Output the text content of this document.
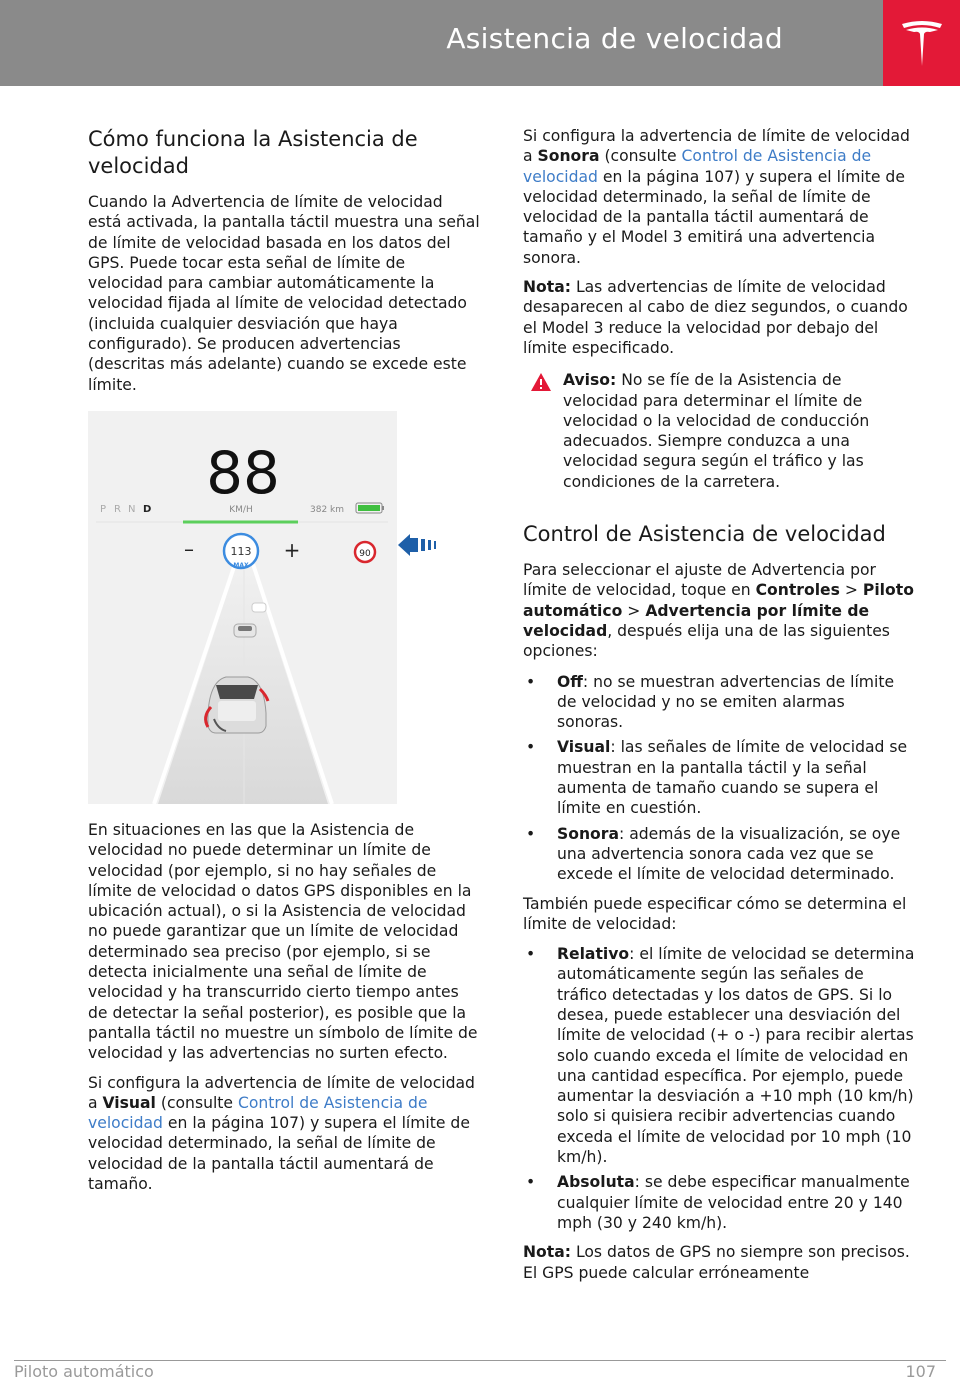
Asistencia de velocidad
Cómo funciona la Asistencia de velocidad

Cuando la Advertencia de límite de velocidad está activada, la pantalla táctil muestra una señal de límite de velocidad basada en los datos del GPS. Puede tocar esta señal de límite de velocidad para cambiar automáticamente la velocidad fijada al límite de velocidad detectado (incluida cualquier desviación que haya configurado). Se producen advertencias (descritas más adelante) cuando se excede este límite.

88
P R N D	KM/H	382 km
–	113
MAX
+	90

En situaciones en las que la Asistencia de velocidad no puede determinar un límite de velocidad (por ejemplo, si no hay señales de límite de velocidad o datos GPS disponibles en la ubicación actual), o si la Asistencia de velocidad no puede garantizar que un límite de velocidad determinado sea preciso (por ejemplo, si se detecta inicialmente una señal de límite de velocidad y ha transcurrido cierto tiempo antes de detectar la señal posterior), es posible que la pantalla táctil no muestre un símbolo de límite de velocidad y las advertencias no surten efecto.

Si configura la advertencia de límite de velocidad a Visual (consulte Control de Asistencia de velocidad en la página 107) y supera el límite de velocidad determinado, la señal de límite de velocidad de la pantalla táctil aumentará de tamaño.

Si configura la advertencia de límite de velocidad a Sonora (consulte Control de Asistencia de velocidad en la página 107) y supera el límite de velocidad determinado, la señal de límite de velocidad de la pantalla táctil aumentará de tamaño y el Model 3 emitirá una advertencia sonora.

Nota: Las advertencias de límite de velocidad desaparecen al cabo de diez segundos, o cuando el Model 3 reduce la velocidad por debajo del límite especificado.

Aviso: No se fíe de la Asistencia de velocidad para determinar el límite de velocidad o la velocidad de conducción adecuados. Siempre conduzca a una velocidad segura según el tráfico y las condiciones de la carretera.

Control de Asistencia de velocidad

Para seleccionar el ajuste de Advertencia por límite de velocidad, toque en Controles > Piloto automático > Advertencia por límite de velocidad, después elija una de las siguientes opciones:

• Off: no se muestran advertencias de límite de velocidad y no se emiten alarmas sonoras.
• Visual: las señales de límite de velocidad se muestran en la pantalla táctil y la señal aumenta de tamaño cuando se supera el límite en cuestión.
• Sonora: además de la visualización, se oye una advertencia sonora cada vez que se excede el límite de velocidad determinado.

También puede especificar cómo se determina el límite de velocidad:

• Relativo: el límite de velocidad se determina automáticamente según las señales de tráfico detectadas y los datos de GPS. Si lo desea, puede establecer una desviación del límite de velocidad (+ o -) para recibir alertas solo cuando exceda el límite de velocidad en una cantidad específica. Por ejemplo, puede aumentar la desviación a +10 mph (10 km/h) solo si quisiera recibir advertencias cuando exceda el límite de velocidad por 10 mph (10 km/h).
• Absoluta: se debe especificar manualmente cualquier límite de velocidad entre 20 y 140 mph (30 y 240 km/h).

Nota: Los datos de GPS no siempre son precisos. El GPS puede calcular erróneamente

Piloto automático	107
